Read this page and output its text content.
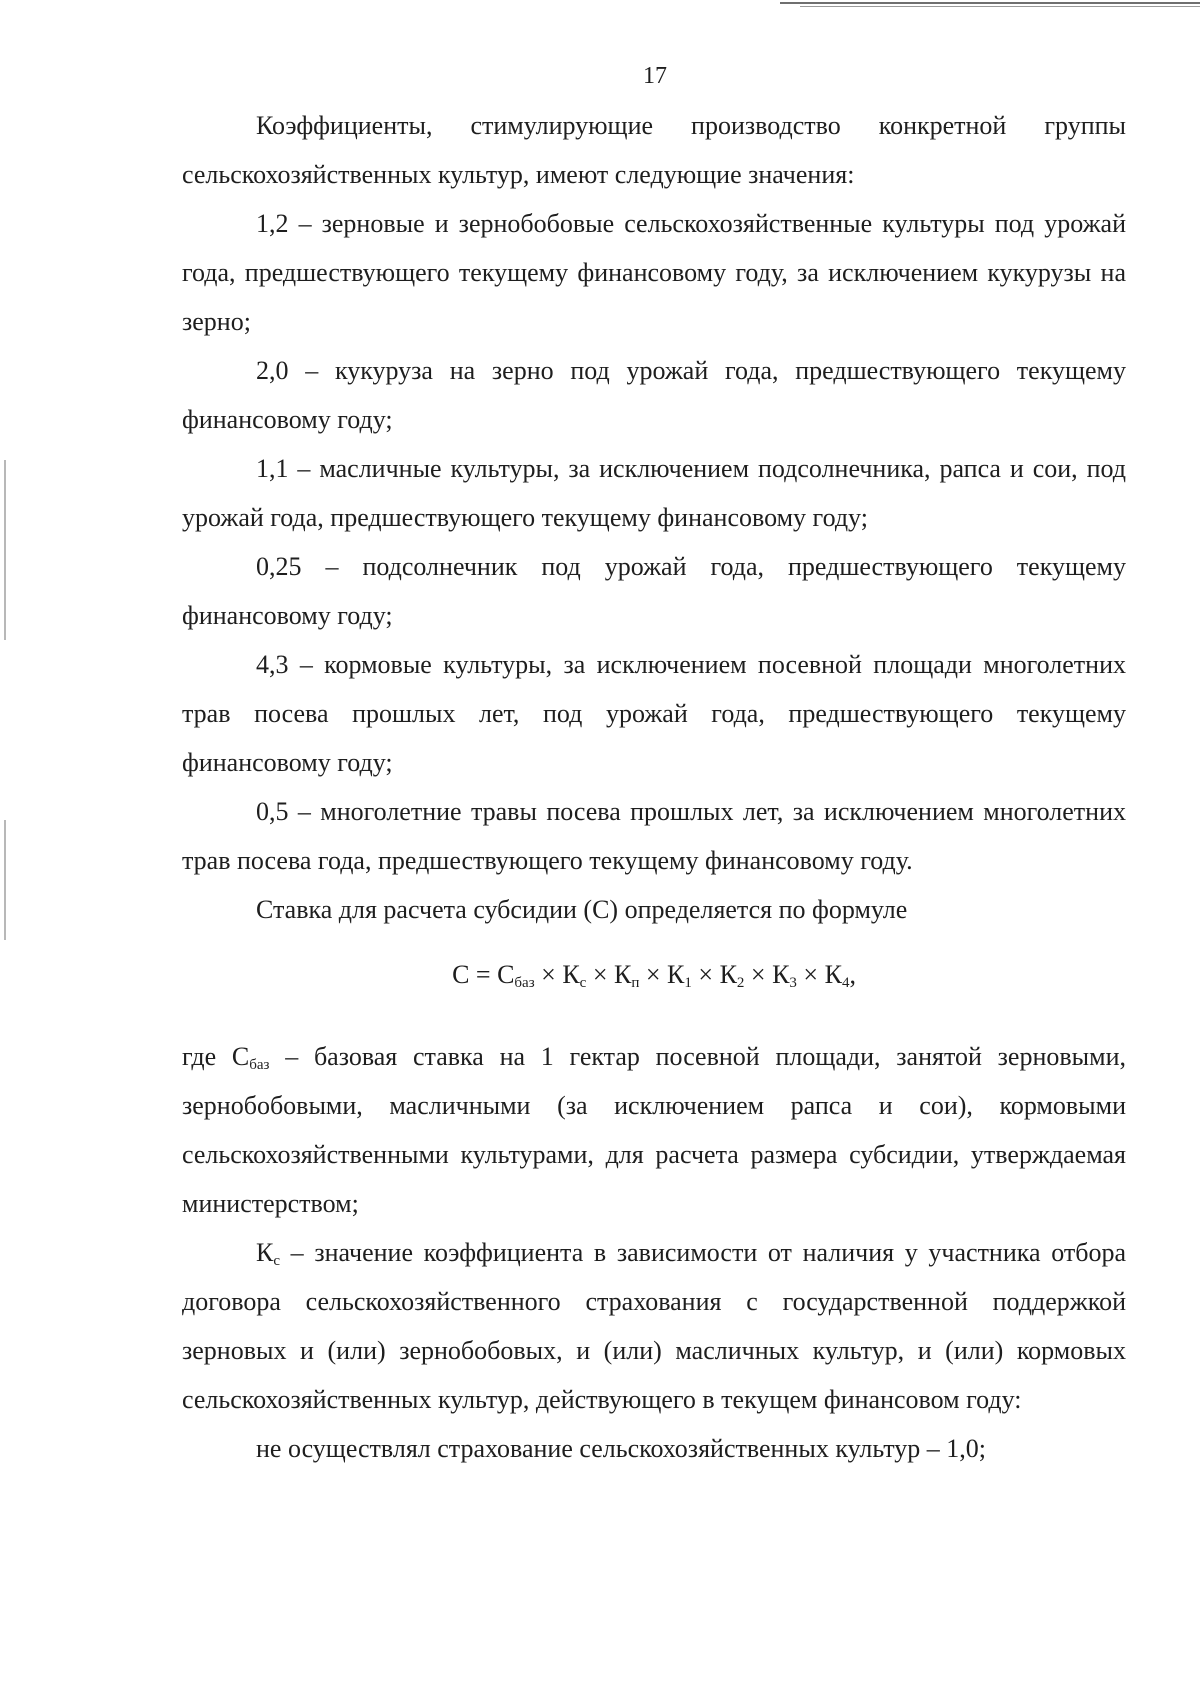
17

Коэффициенты, стимулирующие производство конкретной группы сельскохозяйственных культур, имеют следующие значения:

1,2 – зерновые и зернобобовые сельскохозяйственные культуры под урожай года, предшествующего текущему финансовому году, за исключением кукурузы на зерно;

2,0 – кукуруза на зерно под урожай года, предшествующего текущему финансовому году;

1,1 – масличные культуры, за исключением подсолнечника, рапса и сои, под урожай года, предшествующего текущему финансовому году;

0,25 – подсолнечник под урожай года, предшествующего текущему финансовому году;

4,3 – кормовые культуры, за исключением посевной площади многолетних трав посева прошлых лет, под урожай года, предшествующего текущему финансовому году;

0,5 – многолетние травы посева прошлых лет, за исключением многолетних трав посева года, предшествующего текущему финансовому году.

Ставка для расчета субсидии (С) определяется по формуле

$С = С_{баз} \times К_с \times К_п \times К_1 \times К_2 \times К_3 \times К_4$,

где $С_{баз}$ – базовая ставка на 1 гектар посевной площади, занятой зерновыми, зернобобовыми, масличными (за исключением рапса и сои), кормовыми сельскохозяйственными культурами, для расчета размера субсидии, утверждаемая министерством;

$К_с$ – значение коэффициента в зависимости от наличия у участника отбора договора сельскохозяйственного страхования с государственной поддержкой зерновых и (или) зернобобовых, и (или) масличных культур, и (или) кормовых сельскохозяйственных культур, действующего в текущем финансовом году:

не осуществлял страхование сельскохозяйственных культур – 1,0;
